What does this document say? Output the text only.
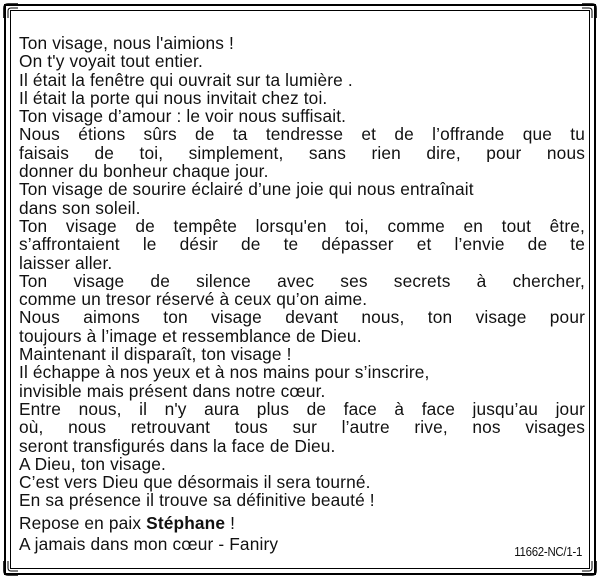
Ton visage, nous l'aimions !
On t'y voyait tout entier.
Il était la fenêtre qui ouvrait sur ta lumière .
Il était la porte qui nous invitait chez toi.
Ton visage d’amour : le voir nous suffisait.
Nous étions sûrs de ta tendresse et de l’offrande que tu
faisais de toi, simplement, sans rien dire, pour nous
donner du bonheur chaque jour.
Ton visage de sourire éclairé d’une joie qui nous entraînait
dans son soleil.
Ton visage de tempête lorsqu'en toi, comme en tout être,
s’affrontaient le désir de te dépasser et l’envie de te
laisser aller.
Ton visage de silence avec ses secrets à chercher,
comme un tresor réservé à ceux qu’on aime.
Nous aimons ton visage devant nous, ton visage pour
toujours à l’image et ressemblance de Dieu.
Maintenant il disparaît, ton visage !
Il échappe à nos yeux et à nos mains pour s’inscrire,
invisible mais présent dans notre cœur.
Entre nous, il n'y aura plus de face à face jusqu’au jour
où, nous retrouvant tous sur l’autre rive, nos visages
seront transfigurés dans la face de Dieu.
A Dieu, ton visage.
C’est vers Dieu que désormais il sera tourné.
En sa présence il trouve sa définitive beauté !
Repose en paix Stéphane !
A jamais dans mon cœur - Faniry	11662-NC/1-1
